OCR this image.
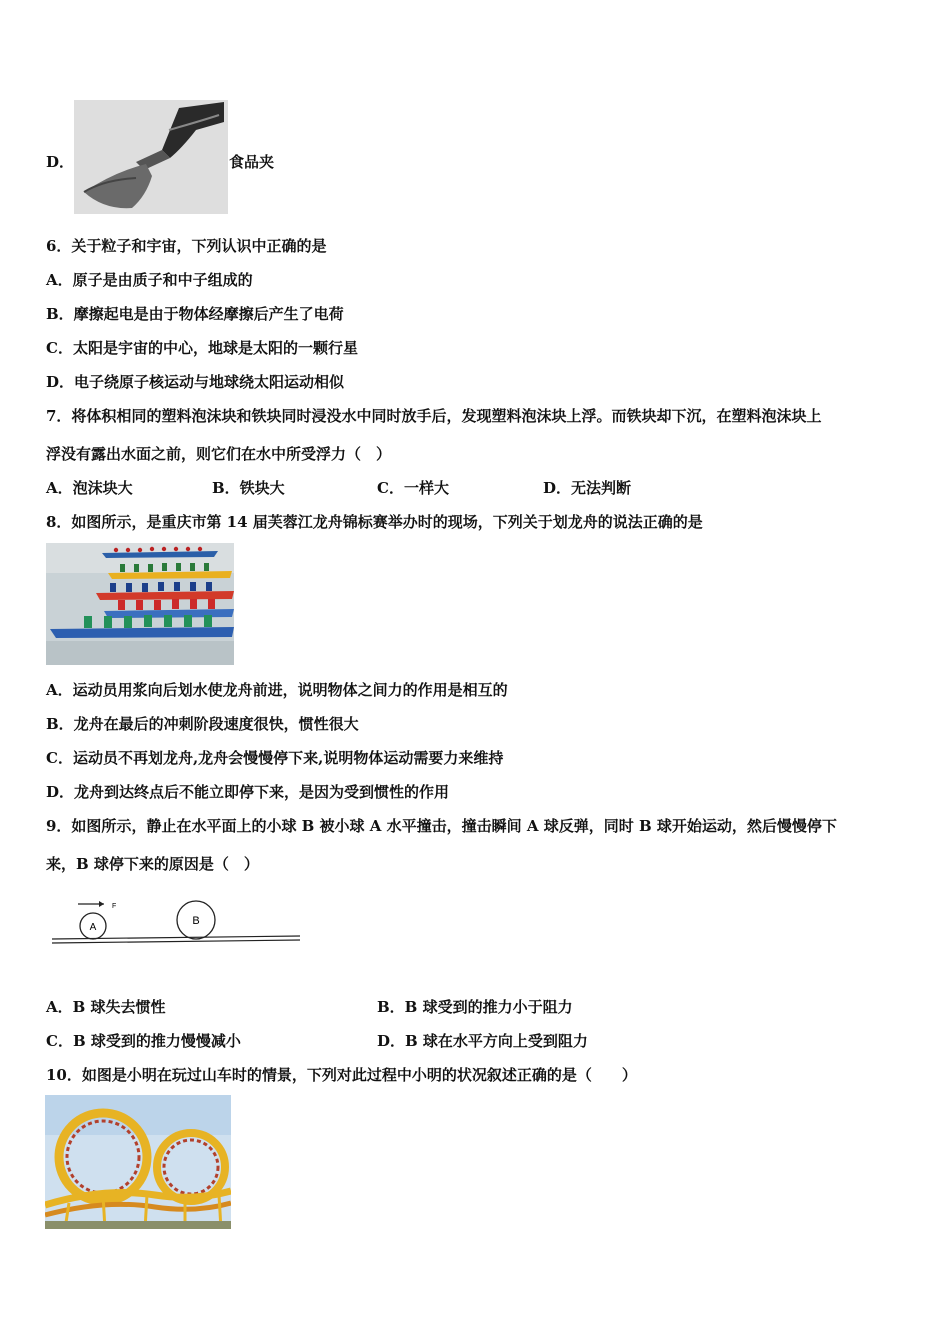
D．	食品夹
6．关于粒子和宇宙，下列认识中正确的是
A．原子是由质子和中子组成的
B．摩擦起电是由于物体经摩擦后产生了电荷
C．太阳是宇宙的中心，地球是太阳的一颗行星
D．电子绕原子核运动与地球绕太阳运动相似
7．将体积相同的塑料泡沫块和铁块同时浸没水中同时放手后，发现塑料泡沫块上浮。而铁块却下沉，在塑料泡沫块上
浮没有露出水面之前，则它们在水中所受浮力（　）
A．泡沫块大	B．铁块大	C．一样大	D．无法判断
8．如图所示，是重庆市第 14 届芙蓉江龙舟锦标赛举办时的现场，下列关于划龙舟的说法正确的是
A．运动员用浆向后划水使龙舟前进，说明物体之间力的作用是相互的
B．龙舟在最后的冲刺阶段速度很快，惯性很大
C．运动员不再划龙舟,龙舟会慢慢停下来,说明物体运动需要力来维持
D．龙舟到达终点后不能立即停下来，是因为受到惯性的作用
9．如图所示，静止在水平面上的小球 B 被小球 A 水平撞击，撞击瞬间 A 球反弹，同时 B 球开始运动，然后慢慢停下
来，B 球停下来的原因是（　）
F
A
B
A．B 球失去惯性	B．B 球受到的推力小于阻力
C．B 球受到的推力慢慢减小	D．B 球在水平方向上受到阻力
10．如图是小明在玩过山车时的情景，下列对此过程中小明的状况叙述正确的是（　　）
